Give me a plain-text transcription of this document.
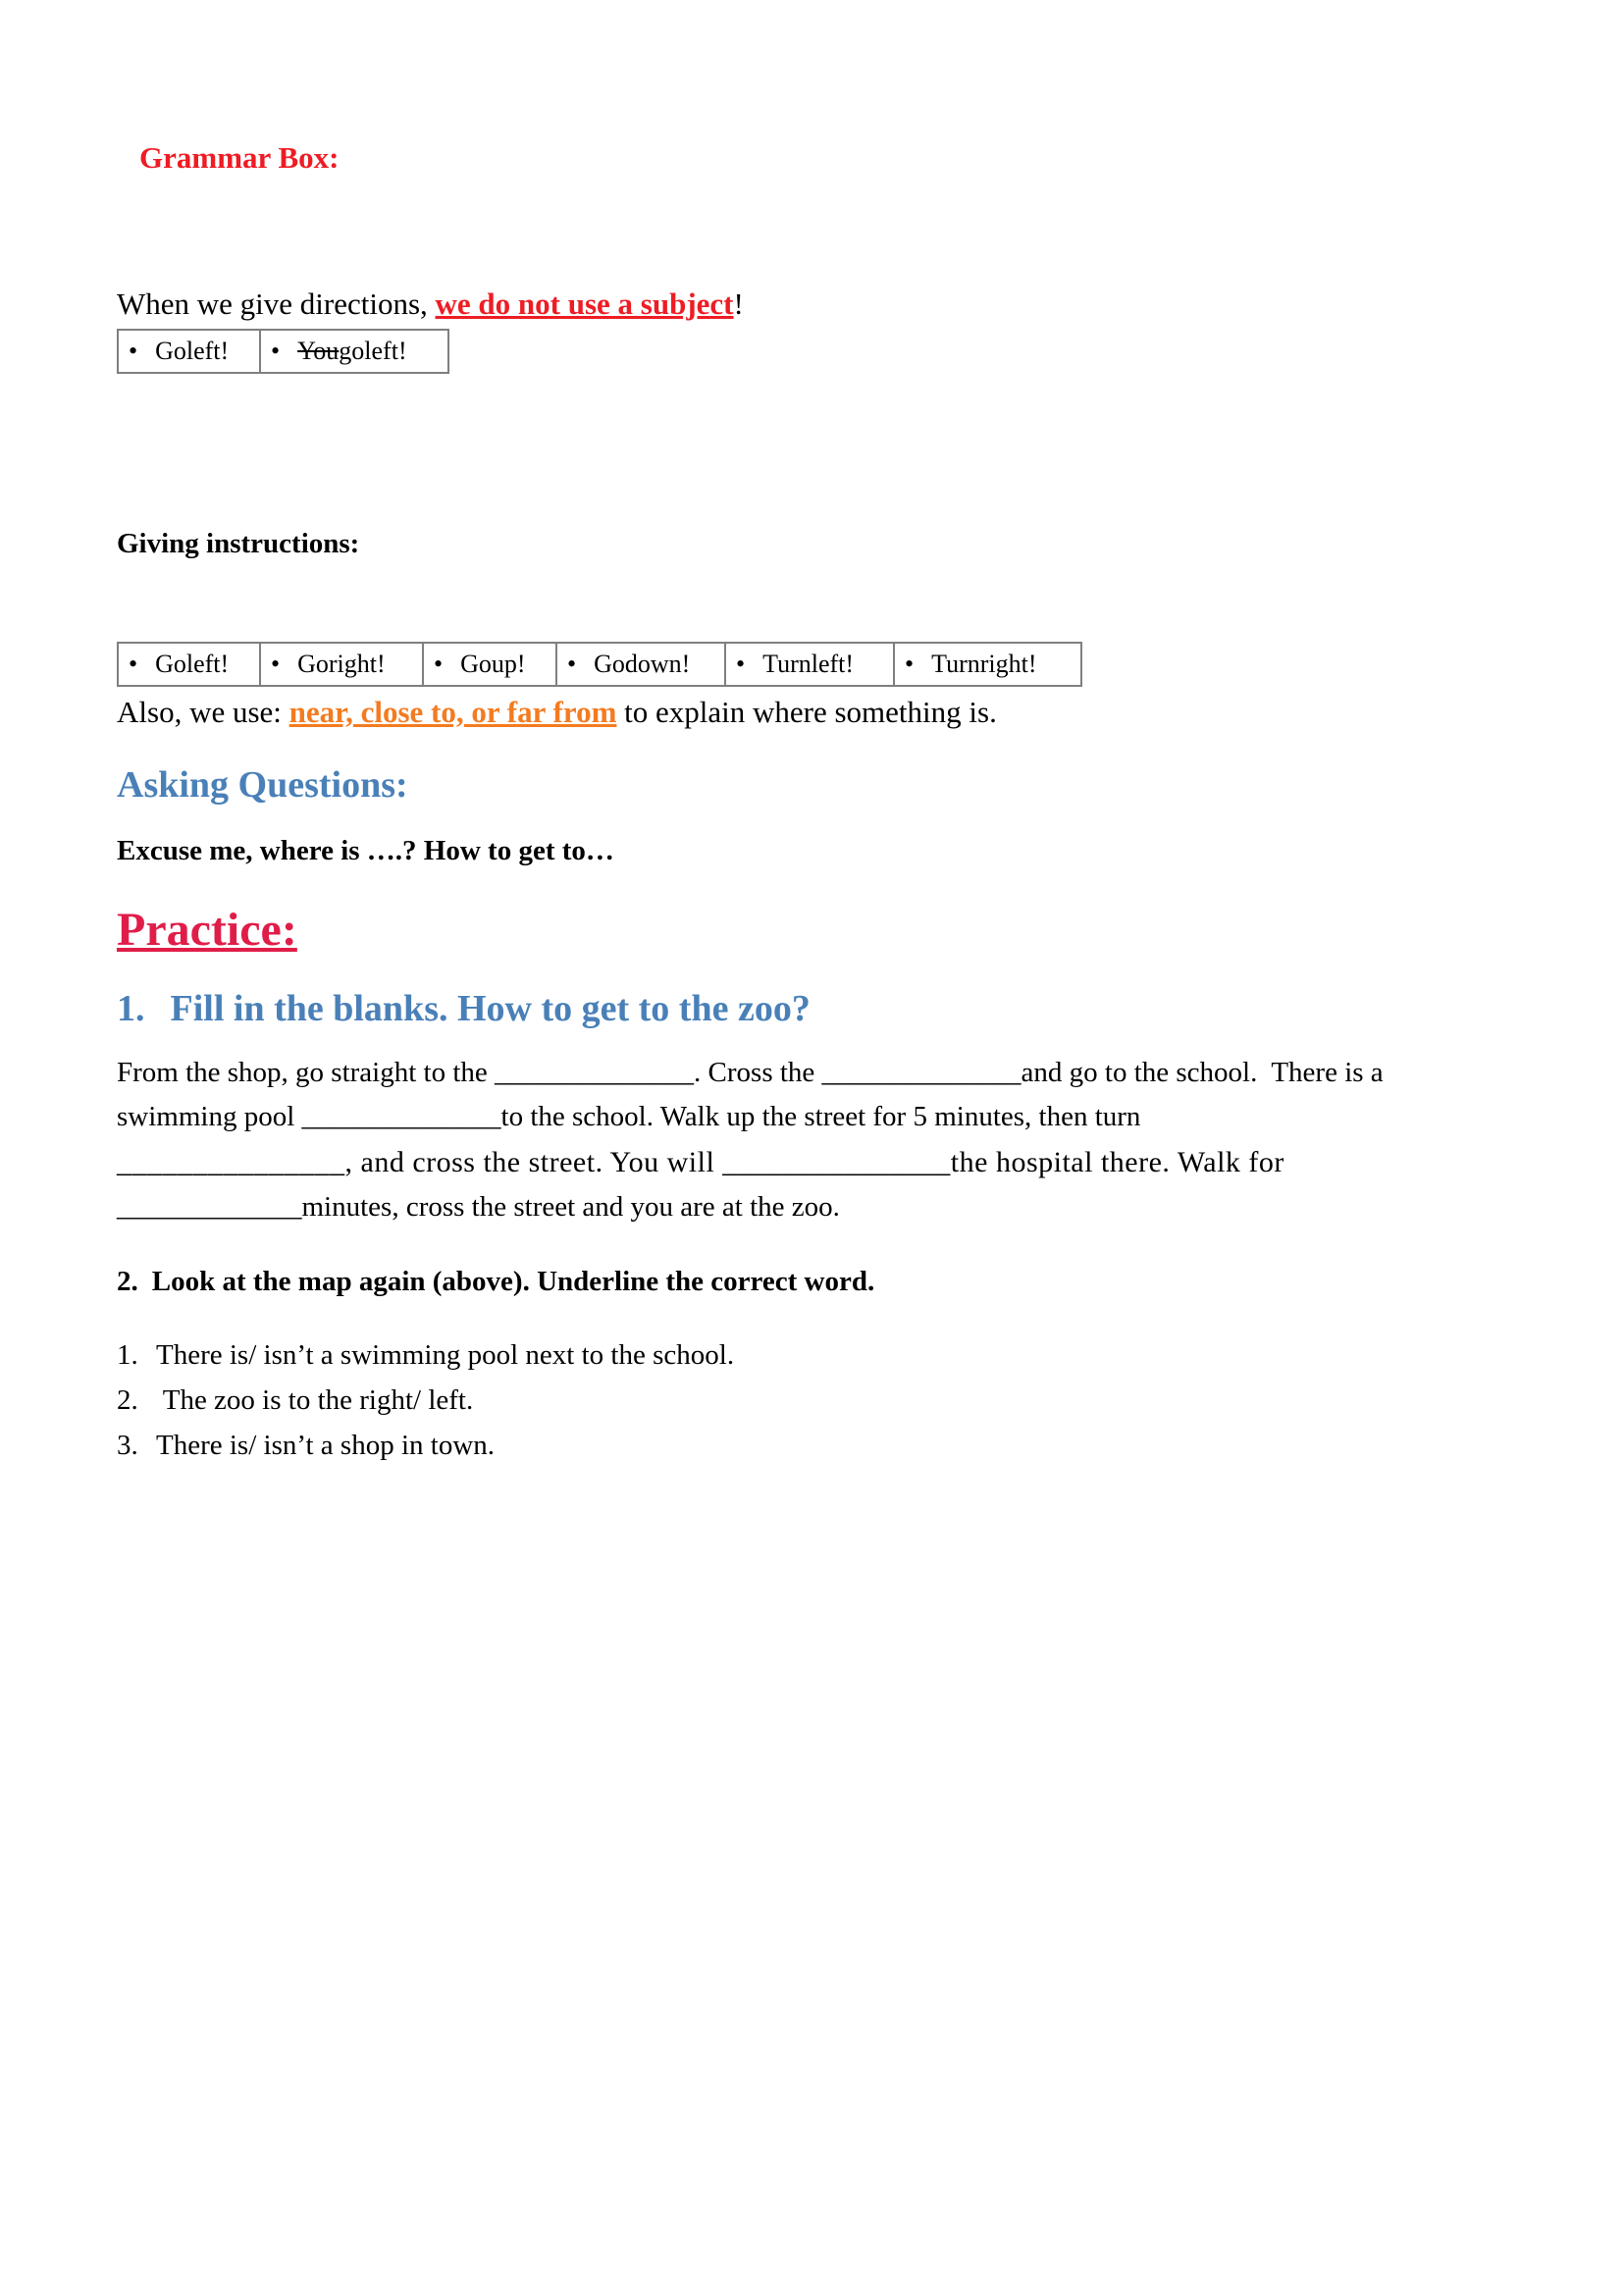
Grammar Box:
When we give directions, we do not use a subject!
• Goleft!	• Yougoleft!
Giving instructions:
• Goleft!	• Goright!	• Goup!	• Godown!	• Turnleft!	• Turnright!
Also, we use: near, close to, or far from to explain where something is.
Asking Questions:
Excuse me, where is ….? How to get to…
Practice:
1. Fill in the blanks. How to get to the zoo?
From the shop, go straight to the ______________. Cross the ______________and go to the school.  There is a
swimming pool ______________to the school. Walk up the street for 5 minutes, then turn
_______________, and cross the street. You will _______________the hospital there. Walk for
_____________minutes, cross the street and you are at the zoo.
2. Look at the map again (above). Underline the correct word.
1. There is/ isn’t a swimming pool next to the school.
2. The zoo is to the right/ left.
3. There is/ isn’t a shop in town.
